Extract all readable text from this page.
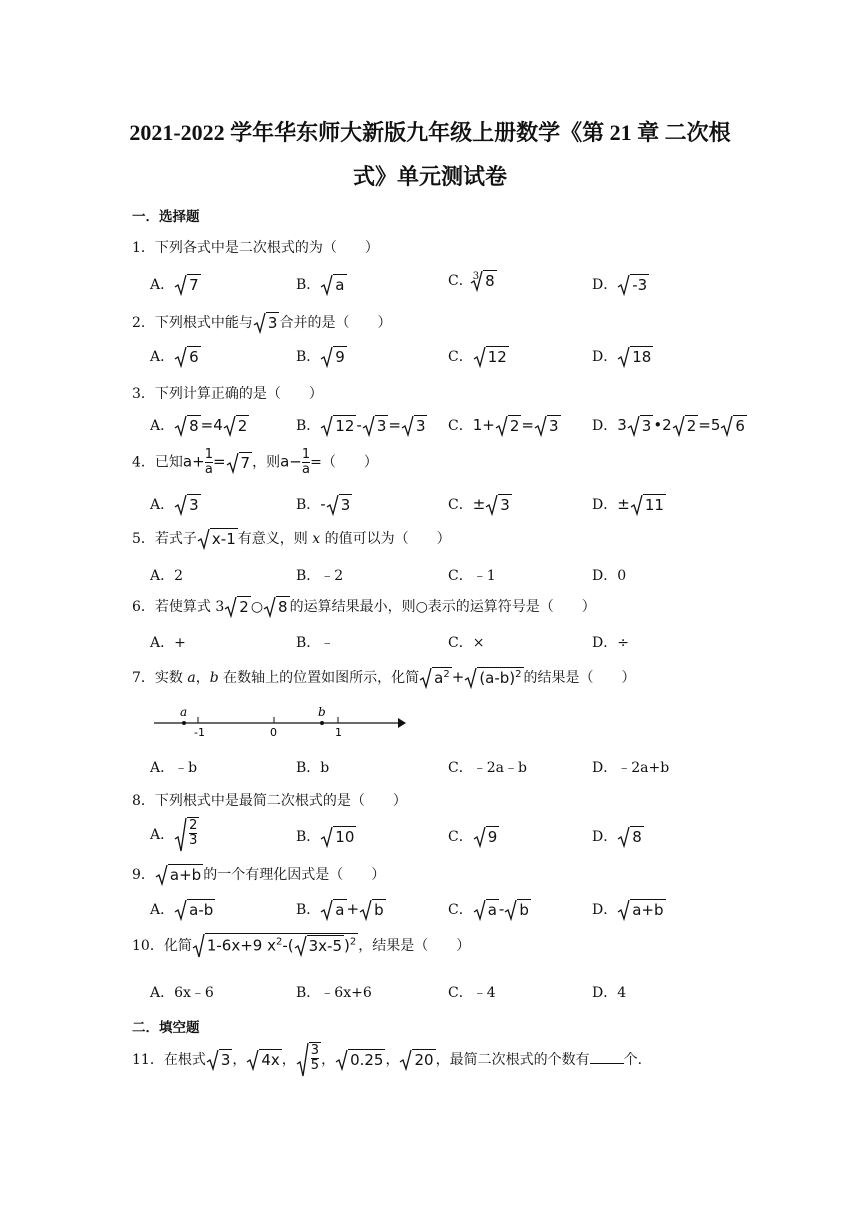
2021-2022 学年华东师大新版九年级上册数学《第 21 章 二次根
式》单元测试卷
一．选择题
1．下列各式中是二次根式的为（　　）
A． 7	B． a	C．$^3$ 8	D． -3
2．下列根式中能与 3 合并的是（　　）
A． 6	B． 9	C． 12	D． 18
3．下列计算正确的是（　　）
A． 8 =4 2	B． 12 - 3 = 3 C．1+ 2 = 3 D．3 3 •2 2 =5 6
4．已知$a+ \frac{1}{a} = 7$ ，则$a- \frac{1}{a}$ =（　　）
A． 3	B．- 3	C．± 3	D．± 11
5．若式子 x-1 有意义，则 x 的值可以为（　　）
A．2	B．﹣2	C．﹣1	D．0
6．若使算式 3 2 ○ 8 的运算结果最小，则○表示的运算符号是（　　）
A．+	B．﹣	C．×	D．÷
7．实数 a，b 在数轴上的位置如图所示，化简 $a^2 + (a-b)^2$ 的结果是（　　）
a
-1	0
b
1
A．﹣b	B．b	C．﹣2a﹣b	D．﹣2a+b
8．下列根式中是最简二次根式的是（　　）
A． $\frac{2}{3}$	B． 10	C． 9	D． 8
9． a+b 的一个有理化因式是（　　）
A． a-b	B． a + b	C． a - b	D． a+b
10．化简 1-6x+9 $x^2-$( 3x-5 )$^2$ ，结果是（　　）
A．6x﹣6	B．﹣6x+6	C．﹣4	D．4
二．填空题
11．在根式 3 ， 4x ， $\frac{3}{5}$ ， 0.25 ， 20 ，最简二次根式的个数有 个．
